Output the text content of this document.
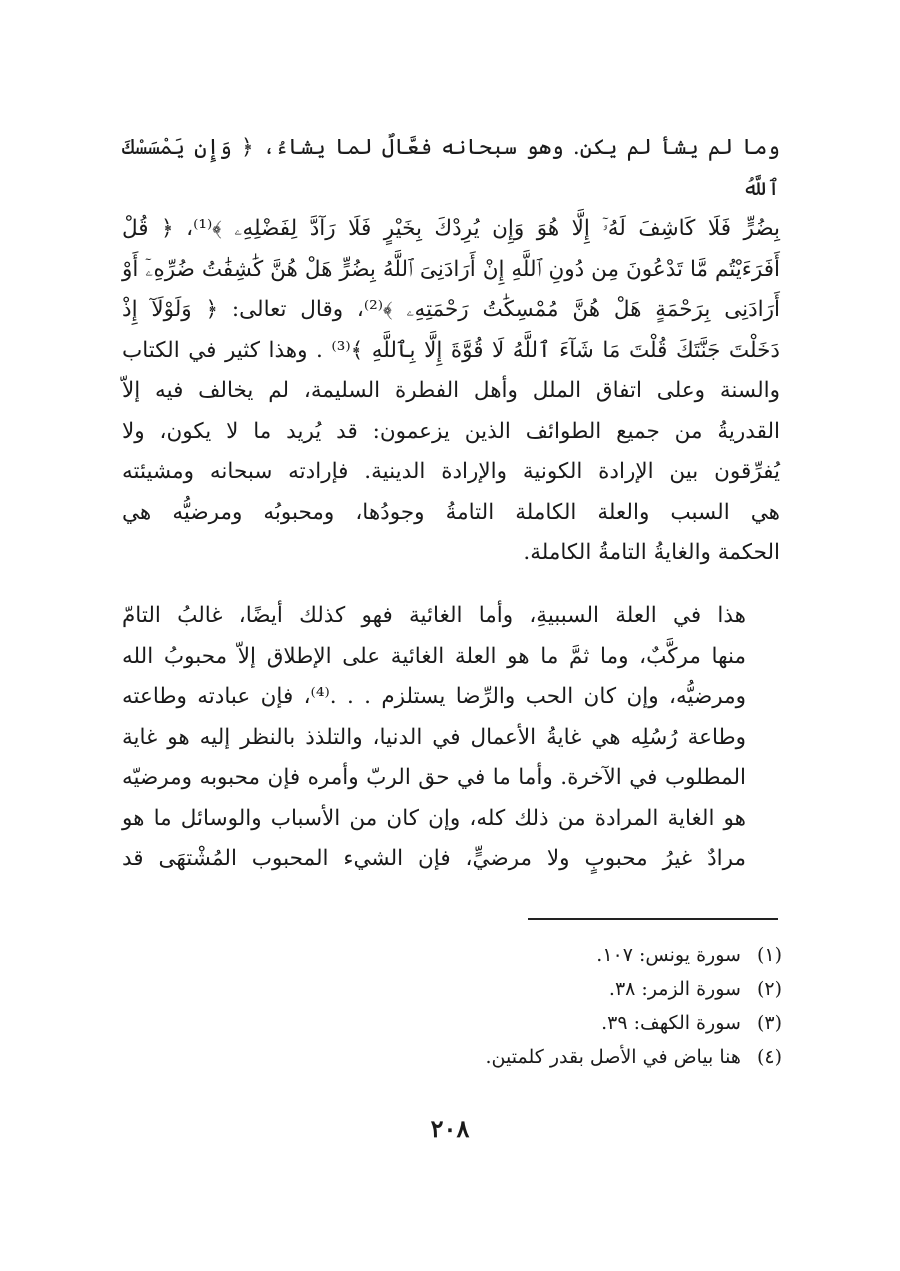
وما لم يشأ لم يكن. وهو سبحانه فعَّالٌ لما يشاءُ، ﴿ وَإِن يَمْسَسْكَ ٱللَّهُ
بِضُرٍّ فَلَا كَاشِفَ لَهُۥٓ إِلَّا هُوَ وَإِن يُرِدْكَ بِخَيْرٍ فَلَا رَآدَّ لِفَضْلِهِۦ ﴾⁽¹⁾، ﴿ قُلْ
أَفَرَءَيْتُم مَّا تَدْعُونَ مِن دُونِ ٱللَّهِ إِنْ أَرَادَنِىَ ٱللَّهُ بِضُرٍّ هَلْ هُنَّ كَٰشِفَٰتُ ضُرِّهِۦٓ أَوْ
أَرَادَنِى بِرَحْمَةٍ هَلْ هُنَّ مُمْسِكَٰتُ رَحْمَتِهِۦ ﴾⁽²⁾، وقال تعالى: ﴿ وَلَوْلَآ إِذْ
دَخَلْتَ جَنَّتَكَ قُلْتَ مَا شَآءَ ٱللَّهُ لَا قُوَّةَ إِلَّا بِٱللَّهِ ﴾⁽³⁾ . وهذا كثير في الكتاب
والسنة وعلى اتفاق الملل وأهل الفطرة السليمة، لم يخالف فيه إلاّ
القدريةُ من جميع الطوائف الذين يزعمون: قد يُريد ما لا يكون، ولا
يُفرِّقون بين الإرادة الكونية والإرادة الدينية. فإرادته سبحانه ومشيئته
هي السبب والعلة الكاملة التامةُ وجودُها، ومحبوبُه ومرضيُّه هي
الحكمة والغايةُ التامةُ الكاملة.
هذا في العلة السببيةِ، وأما الغائية فهو كذلك أيضًا، غالبُ التامّ
منها مركَّبٌ، وما ثمَّ ما هو العلة الغائية على الإطلاق إلاّ محبوبُ الله
ومرضيُّه، وإن كان الحب والرِّضا يستلزم . . .⁽⁴⁾، فإن عبادته وطاعته
وطاعة رُسُلِه هي غايةُ الأعمال في الدنيا، والتلذذ بالنظر إليه هو غاية
المطلوب في الآخرة. وأما ما في حق الربّ وأمره فإن محبوبه ومرضيّه
هو الغاية المرادة من ذلك كله، وإن كان من الأسباب والوسائل ما هو
مرادٌ غيرُ محبوبٍ ولا مرضيٍّ، فإن الشيء المحبوب المُشْتهَى قد
(١)سورة يونس: ١٠٧.
(٢)سورة الزمر: ٣٨.
(٣)سورة الكهف: ٣٩.
(٤)هنا بياض في الأصل بقدر كلمتين.
٢٠٨
